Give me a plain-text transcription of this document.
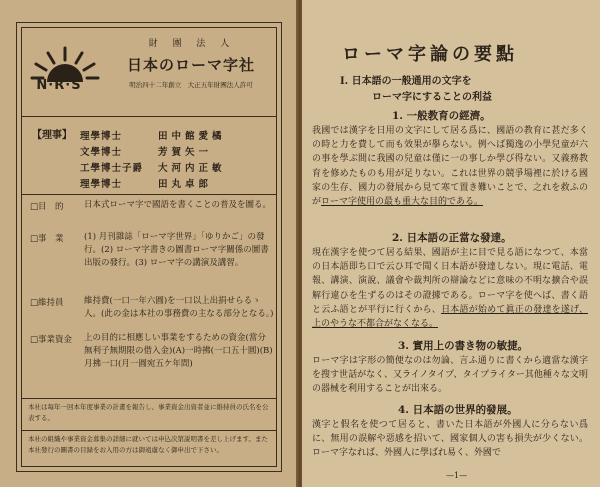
N·R·S
財 團 法 人
日本のローマ字社
明治四十二年創立　大正五年財團法人許可
【理事】 理學博士	田中館愛橘
文學博士	芳賀矢一
工學博士子爵 大河内正敏
理學博士	田丸卓郎
□目　的 日本式ローマ字で國語を書くことの普及を圖る。
□事　業 (1) 月刊雜誌「ローマ字世界」「ゆりかご」の發行。(2) ローマ字書きの圖書ローマ字關係の圖書出版の發行。(3) ローマ字の講演及講習。
□維持員 維持費(一口一年六圓)を一口以上出捐せらるゝ人。(此の金は本社の事務費の主なる部分となる。)
□事業資金 上の目的に相應しい事業をするための資金(當分無利子無期限の借入金)(A)一時拂(一口五十圓)(B)月拂一口(月一圓宛五ケ年間)
本社は毎年一回本年度事業の計畫を報告し、事業資金出資者並に維持員の氏名を公表する。
本社の組織や事業資金募集の詳細に就いては申込次第説明書を差し上げます。また本社發行の圖書の目録をお入用の方は御遠慮なく御申出で下さい。
ローマ字論の要點
I. 日本語の一般通用の文字を
ローマ字にすることの利益
1. 一般教育の經濟。
我國では漢字を日用の文字にして居る爲に、國語の教育に甚だ多くの時と力を費して而も效果が擧らない。例へば獨逸の小學兒童が六の事を學ぶ間に我國の兒童は僅に一の事しか學び得ない。又義務教育を修めたものも用が足りない。これは世界の競爭場裡に於ける國家の生存、國力の發展から見て寒て置き難いことで、之れを救ふのがローマ字使用の最も重大な目的である。
2. 日本語の正當な發達。
現在漢字を使つて居る結果、國語が主に目で見る語になつて、本當の日本語即ち口で云ひ耳で聞く日本語が發達しない。現に電話、電報、講演、演說、議會や裁判所の辯論などに意味の不明な擴合や誤解行違ひを生ずるのはその證據である。ローマ字を使へば、書く語と云ふ語とが平行に行くから、日本語が始めて眞正の發達を遂げ、上のやうな不都合がなくなる。
3. 實用上の書き物の敏捷。
ローマ字は字形の簡便なのは勿論、言ふ通りに書くから適當な漢字を搜す世話がなく、又ライノタイプ、タイプライター其他種々な文明の器械を利用することが出來る。
4. 日本語の世界的發展。
漢字と假名を使つて居ると、書いた日本語が外國人に分らない爲に、無用の誤解や惡感を招いて、國家個人の害も損失が少くない。ローマ字なれば、外國人に學ばれ易く、外國で
—1—
